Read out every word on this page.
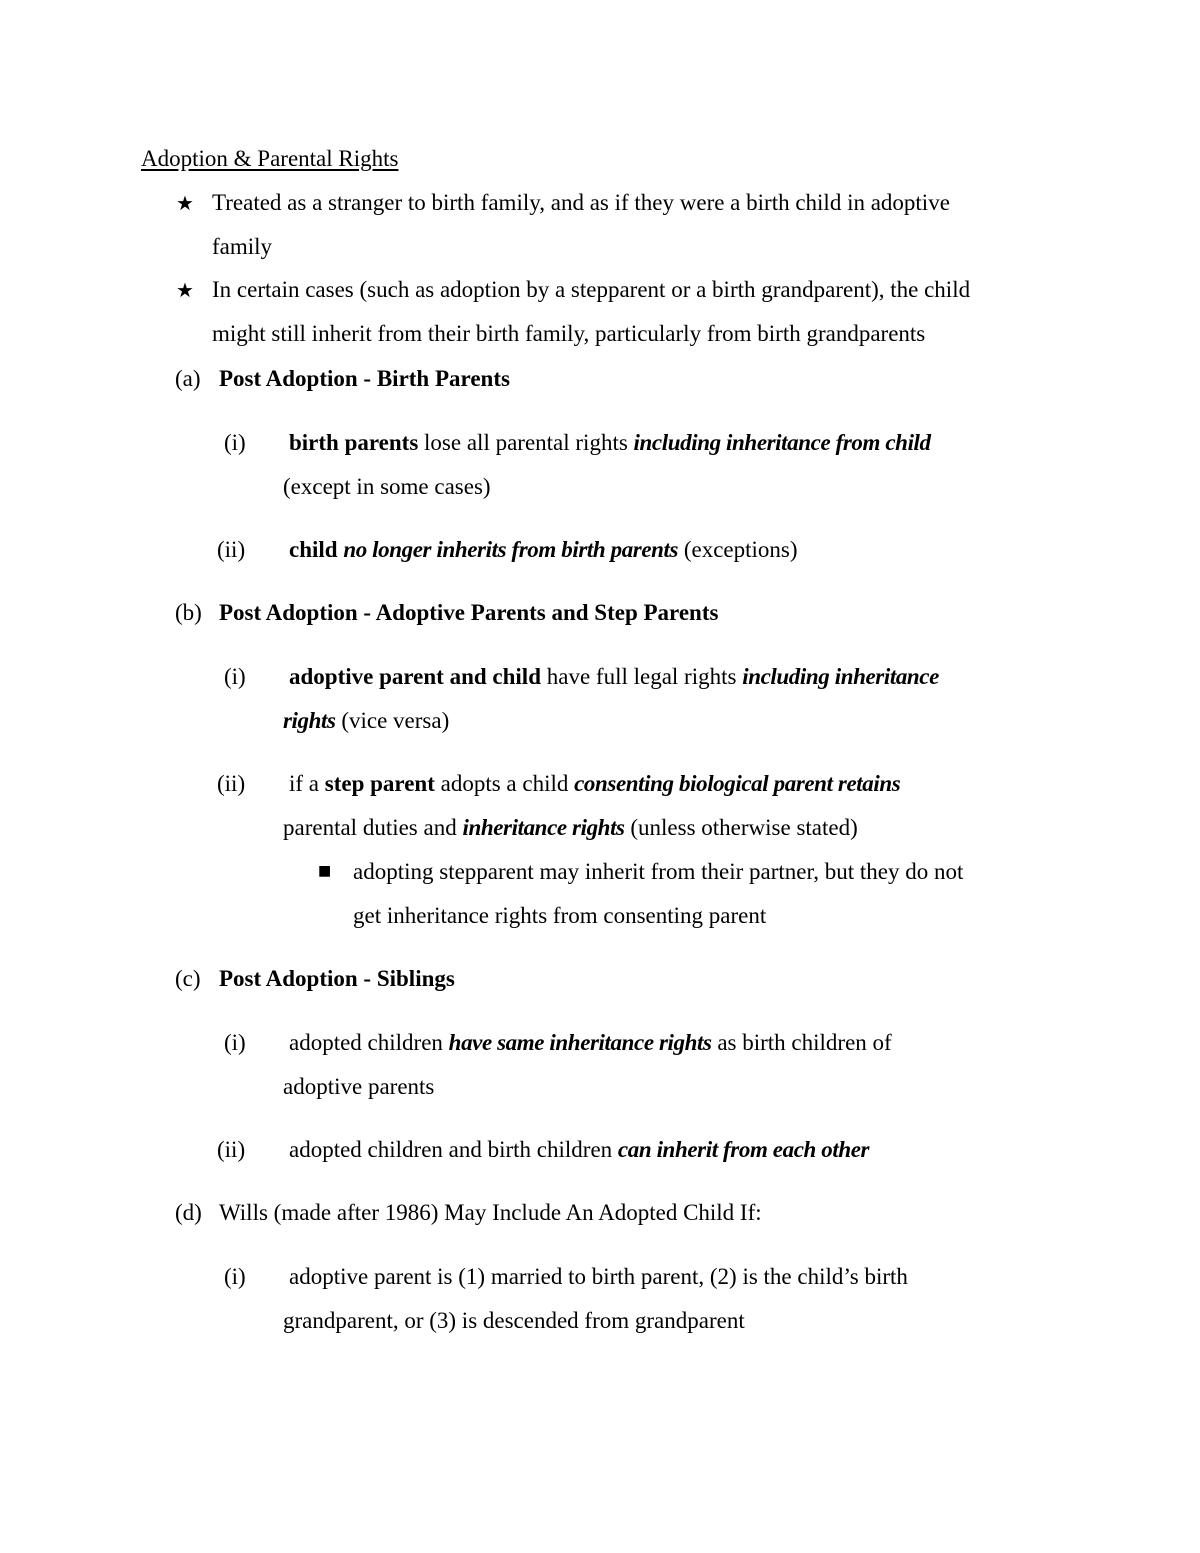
Adoption & Parental Rights
★ Treated as a stranger to birth family, and as if they were a birth child in adoptive
family
★ In certain cases (such as adoption by a stepparent or a birth grandparent), the child
might still inherit from their birth family, particularly from birth grandparents
(a) Post Adoption - Birth Parents
(i) birth parents lose all parental rights including inheritance from child
(except in some cases)
(ii) child no longer inherits from birth parents (exceptions)
(b) Post Adoption - Adoptive Parents and Step Parents
(i) adoptive parent and child have full legal rights including inheritance
rights (vice versa)
(ii) if a step parent adopts a child consenting biological parent retains
parental duties and inheritance rights (unless otherwise stated)
■ adopting stepparent may inherit from their partner, but they do not
get inheritance rights from consenting parent
(c) Post Adoption - Siblings
(i) adopted children have same inheritance rights as birth children of
adoptive parents
(ii) adopted children and birth children can inherit from each other
(d) Wills (made after 1986) May Include An Adopted Child If:
(i) adoptive parent is (1) married to birth parent, (2) is the child’s birth
grandparent, or (3) is descended from grandparent
